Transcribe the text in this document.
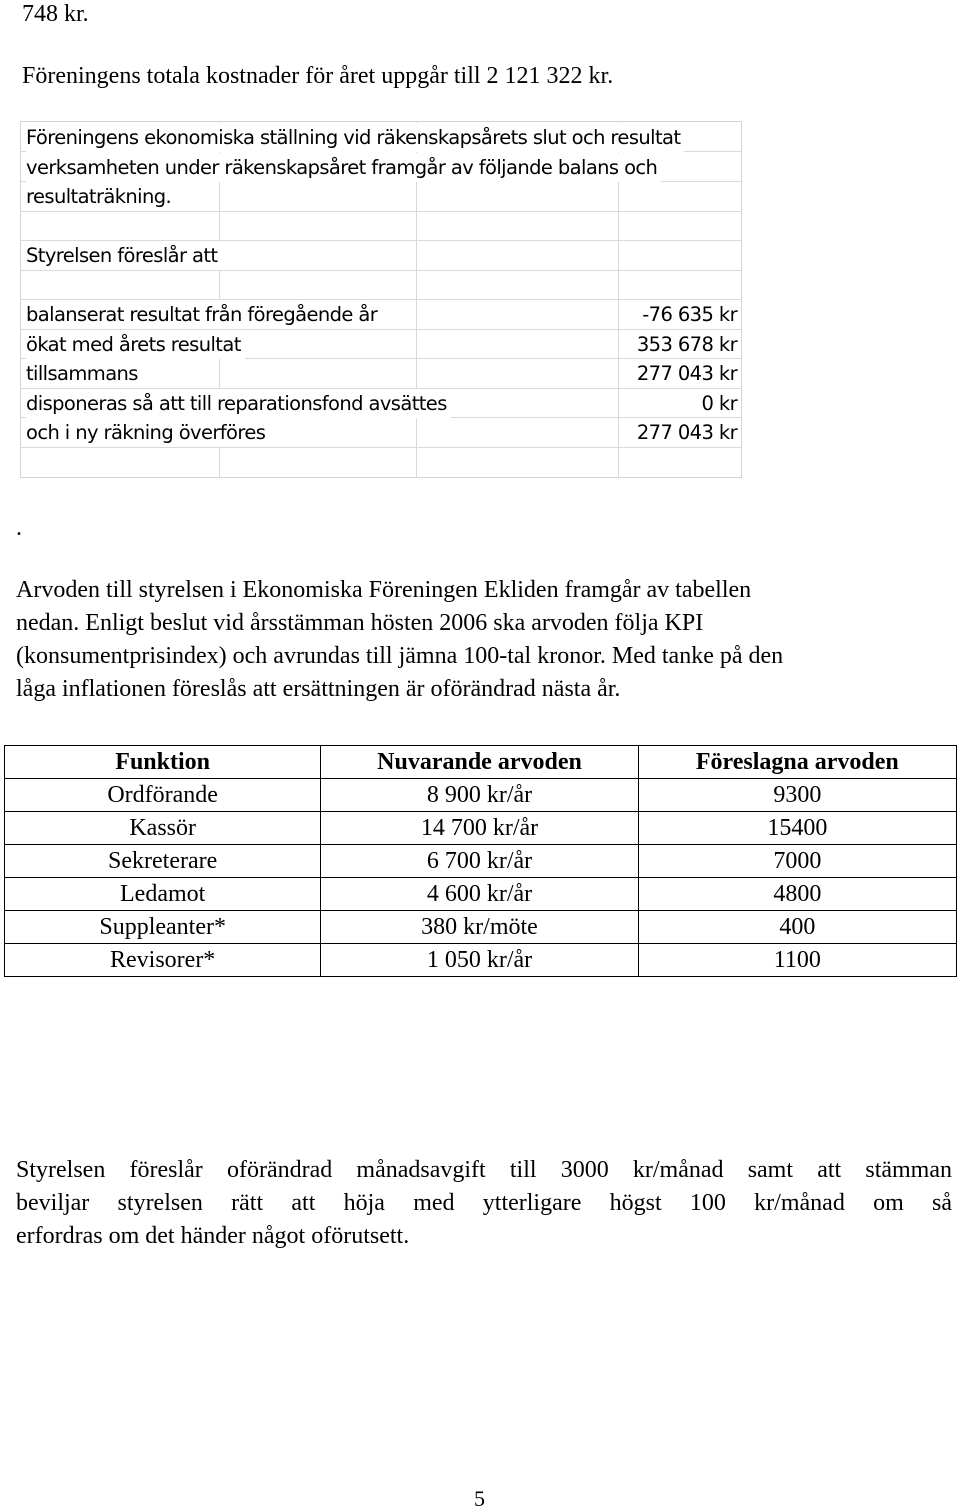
748 kr.
Föreningens totala kostnader för året uppgår till 2 121 322 kr.
Föreningens ekonomiska ställning vid räkenskapsårets slut och resultat
verksamheten under räkenskapsåret framgår av följande balans och
resultaträkning.
Styrelsen föreslår att
balanserat resultat från föregående år	-76 635 kr
ökat med årets resultat	353 678 kr
tillsammans	277 043 kr
disponeras så att till reparationsfond avsättes	0 kr
och i ny räkning överföres	277 043 kr
.
Arvoden till styrelsen i Ekonomiska Föreningen Ekliden framgår av tabellen
nedan. Enligt beslut vid årsstämman hösten 2006 ska arvoden följa KPI
(konsumentprisindex) och avrundas till jämna 100-tal kronor. Med tanke på den
låga inflationen föreslås att ersättningen är oförändrad nästa år.
Funktion	Nuvarande arvoden	Föreslagna arvoden
Ordförande	8 900 kr/år	9300
Kassör	14 700 kr/år	15400
Sekreterare	6 700 kr/år	7000
Ledamot	4 600 kr/år	4800
Suppleanter*	380 kr/möte	400
Revisorer*	1 050 kr/år	1100
Styrelsen föreslår oförändrad månadsavgift till 3000 kr/månad samt att stämman
beviljar styrelsen rätt att höja med ytterligare högst 100 kr/månad om så
erfordras om det händer något oförutsett.
5
